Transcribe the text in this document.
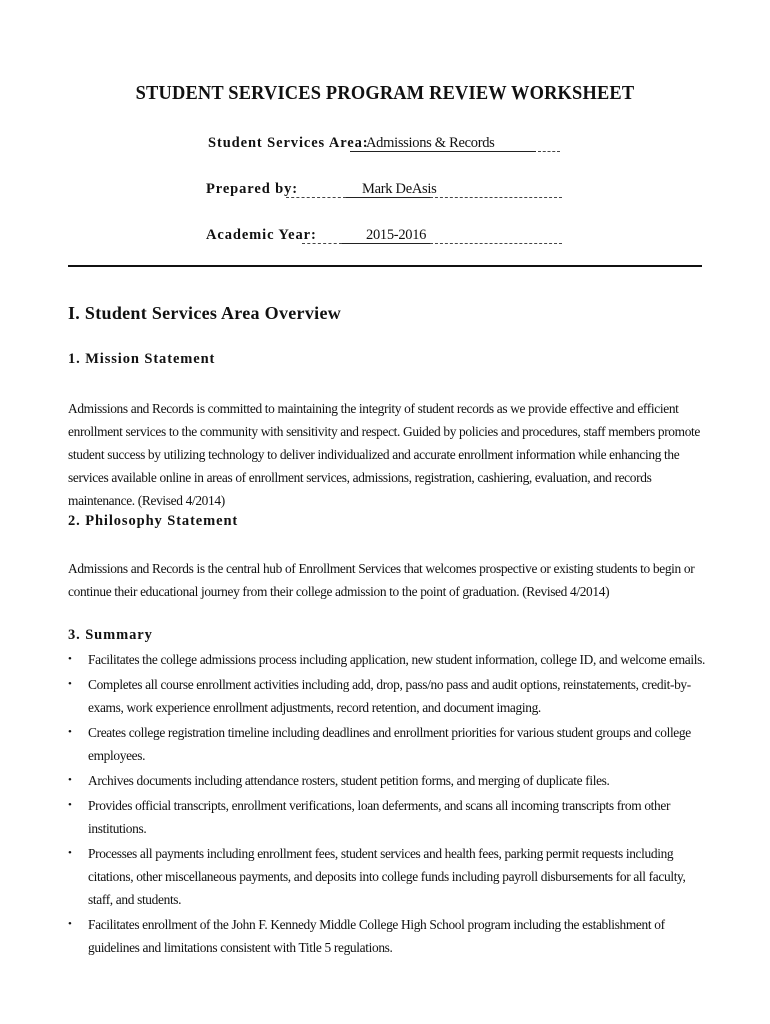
STUDENT SERVICES PROGRAM REVIEW WORKSHEET
Student Services Area:
Admissions & Records
Prepared by:	Mark DeAsis
Academic Year:	2015-2016
I. Student Services Area Overview
1. Mission Statement
Admissions and Records is committed to maintaining the integrity of student records as we provide effective and efficient enrollment services to the community with sensitivity and respect. Guided by policies and procedures, staff members promote student success by utilizing technology to deliver individualized and accurate enrollment information while enhancing the services available online in areas of enrollment services, admissions, registration, cashiering, evaluation, and records maintenance. (Revised 4/2014)
2. Philosophy Statement
Admissions and Records is the central hub of Enrollment Services that welcomes prospective or existing students to begin or continue their educational journey from their college admission to the point of graduation. (Revised 4/2014)
3. Summary
• Facilitates the college admissions process including application, new student information, college ID, and welcome emails.
• Completes all course enrollment activities including add, drop, pass/no pass and audit options, reinstatements, credit-by-exams, work experience enrollment adjustments, record retention, and document imaging.
• Creates college registration timeline including deadlines and enrollment priorities for various student groups and college employees.
• Archives documents including attendance rosters, student petition forms, and merging of duplicate files.
• Provides official transcripts, enrollment verifications, loan deferments, and scans all incoming transcripts from other institutions.
• Processes all payments including enrollment fees, student services and health fees, parking permit requests including citations, other miscellaneous payments, and deposits into college funds including payroll disbursements for all faculty, staff, and students.
• Facilitates enrollment of the John F. Kennedy Middle College High School program including the establishment of guidelines and limitations consistent with Title 5 regulations.
